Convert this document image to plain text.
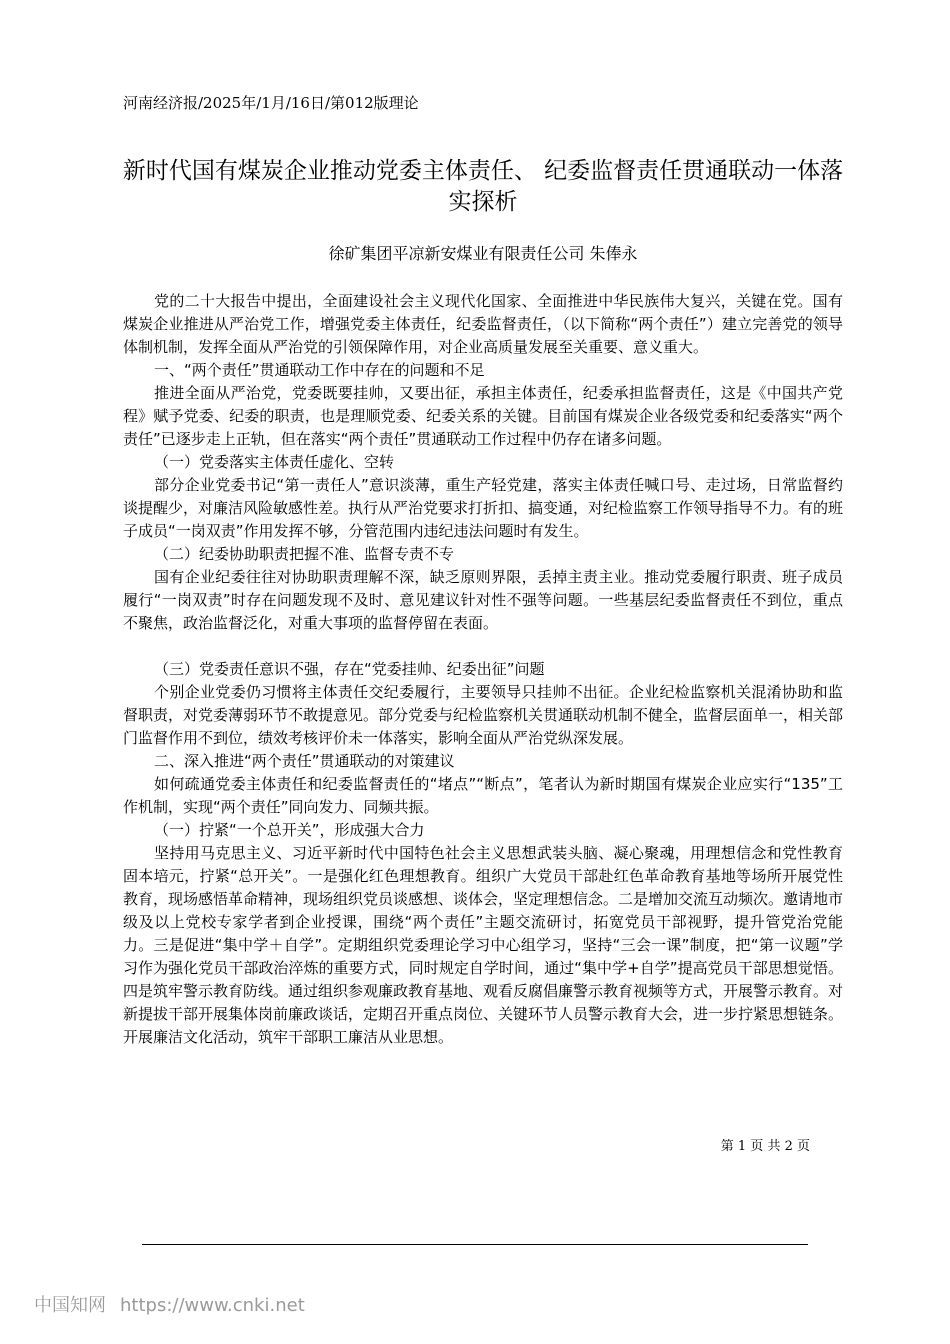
河南经济报/2025年/1月/16日/第012版理论
新时代国有煤炭企业推动党委主体责任、 纪委监督责任贯通联动一体落实探析
徐矿集团平凉新安煤业有限责任公司 朱俸永

党的二十大报告中提出，全面建设社会主义现代化国家、全面推进中华民族伟大复兴，关键在党。国有煤炭企业推进从严治党工作，增强党委主体责任，纪委监督责任，（以下简称“两个责任”）建立完善党的领导体制机制，发挥全面从严治党的引领保障作用，对企业高质量发展至关重要、意义重大。

一、“两个责任”贯通联动工作中存在的问题和不足

推进全面从严治党，党委既要挂帅，又要出征，承担主体责任，纪委承担监督责任，这是《中国共产党程》赋予党委、纪委的职责，也是理顺党委、纪委关系的关键。目前国有煤炭企业各级党委和纪委落实“两个责任”已逐步走上正轨，但在落实“两个责任”贯通联动工作过程中仍存在诸多问题。

（一）党委落实主体责任虚化、空转

部分企业党委书记“第一责任人”意识淡薄，重生产轻党建，落实主体责任喊口号、走过场，日常监督约谈提醒少，对廉洁风险敏感性差。执行从严治党要求打折扣、搞变通，对纪检监察工作领导指导不力。有的班子成员“一岗双责”作用发挥不够，分管范围内违纪违法问题时有发生。

（二）纪委协助职责把握不准、监督专责不专

国有企业纪委往往对协助职责理解不深，缺乏原则界限，丢掉主责主业。推动党委履行职责、班子成员履行“一岗双责”时存在问题发现不及时、意见建议针对性不强等问题。一些基层纪委监督责任不到位，重点不聚焦，政治监督泛化，对重大事项的监督停留在表面。

（三）党委责任意识不强，存在“党委挂帅、纪委出征”问题

个别企业党委仍习惯将主体责任交纪委履行，主要领导只挂帅不出征。企业纪检监察机关混淆协助和监督职责，对党委薄弱环节不敢提意见。部分党委与纪检监察机关贯通联动机制不健全，监督层面单一，相关部门监督作用不到位，绩效考核评价未一体落实，影响全面从严治党纵深发展。

二、深入推进“两个责任”贯通联动的对策建议

如何疏通党委主体责任和纪委监督责任的“堵点”“断点”，笔者认为新时期国有煤炭企业应实行“135”工作机制，实现“两个责任”同向发力、同频共振。

（一）拧紧“一个总开关”，形成强大合力

坚持用马克思主义、习近平新时代中国特色社会主义思想武装头脑、凝心聚魂，用理想信念和党性教育固本培元，拧紧“总开关”。一是强化红色理想教育。组织广大党员干部赴红色革命教育基地等场所开展党性教育，现场感悟革命精神，现场组织党员谈感想、谈体会，坚定理想信念。二是增加交流互动频次。邀请地市级及以上党校专家学者到企业授课，围绕“两个责任”主题交流研讨，拓宽党员干部视野，提升管党治党能力。三是促进“集中学＋自学”。定期组织党委理论学习中心组学习，坚持“三会一课”制度，把“第一议题”学习作为强化党员干部政治淬炼的重要方式，同时规定自学时间，通过“集中学+自学”提高党员干部思想觉悟。四是筑牢警示教育防线。通过组织参观廉政教育基地、观看反腐倡廉警示教育视频等方式，开展警示教育。对新提拔干部开展集体岗前廉政谈话，定期召开重点岗位、关键环节人员警示教育大会，进一步拧紧思想链条。开展廉洁文化活动，筑牢干部职工廉洁从业思想。

第 1 页 共 2 页
中国知网 https://www.cnki.net
